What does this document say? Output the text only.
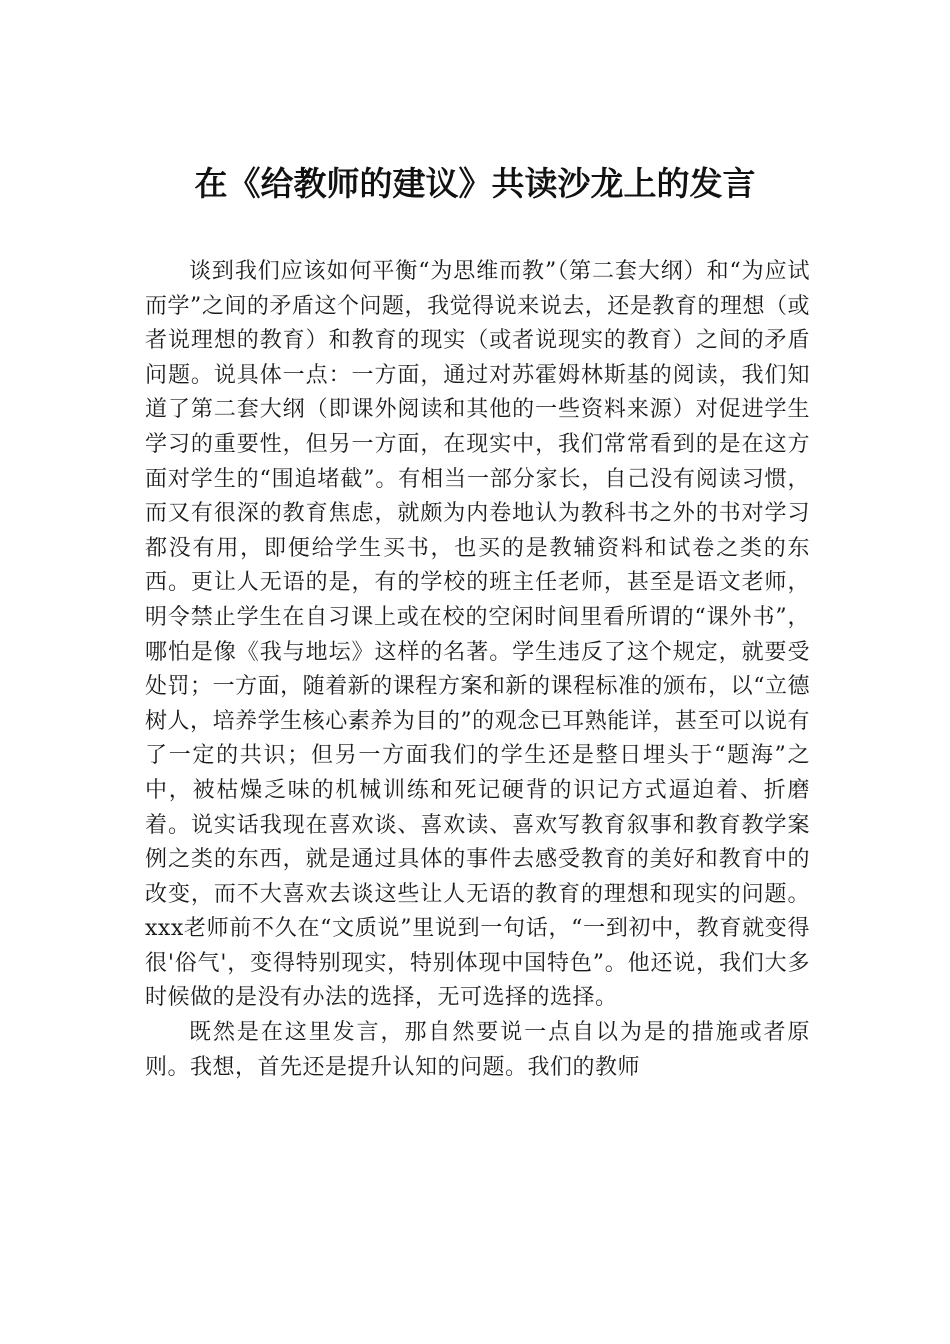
在《给教师的建议》共读沙龙上的发言

谈到我们应该如何平衡“为思维而教”（第二套大纲）和“为应试而学”之间的矛盾这个问题，我觉得说来说去，还是教育的理想（或者说理想的教育）和教育的现实（或者说现实的教育）之间的矛盾问题。说具体一点：一方面，通过对苏霍姆林斯基的阅读，我们知道了第二套大纲（即课外阅读和其他的一些资料来源）对促进学生学习的重要性，但另一方面，在现实中，我们常常看到的是在这方面对学生的“围追堵截”。有相当一部分家长，自己没有阅读习惯，而又有很深的教育焦虑，就颇为内卷地认为教科书之外的书对学习都没有用，即便给学生买书，也买的是教辅资料和试卷之类的东西。更让人无语的是，有的学校的班主任老师，甚至是语文老师，明令禁止学生在自习课上或在校的空闲时间里看所谓的“课外书”，哪怕是像《我与地坛》这样的名著。学生违反了这个规定，就要受处罚；一方面，随着新的课程方案和新的课程标准的颁布，以“立德树人，培养学生核心素养为目的”的观念已耳熟能详，甚至可以说有了一定的共识；但另一方面我们的学生还是整日埋头于“题海”之中，被枯燥乏味的机械训练和死记硬背的识记方式逼迫着、折磨着。说实话我现在喜欢谈、喜欢读、喜欢写教育叙事和教育教学案例之类的东西，就是通过具体的事件去感受教育的美好和教育中的改变，而不大喜欢去谈这些让人无语的教育的理想和现实的问题。xxx老师前不久在“文质说”里说到一句话，“一到初中，教育就变得很'俗气'，变得特别现实，特别体现中国特色”。他还说，我们大多时候做的是没有办法的选择，无可选择的选择。

既然是在这里发言，那自然要说一点自以为是的措施或者原则。我想，首先还是提升认知的问题。我们的教师
